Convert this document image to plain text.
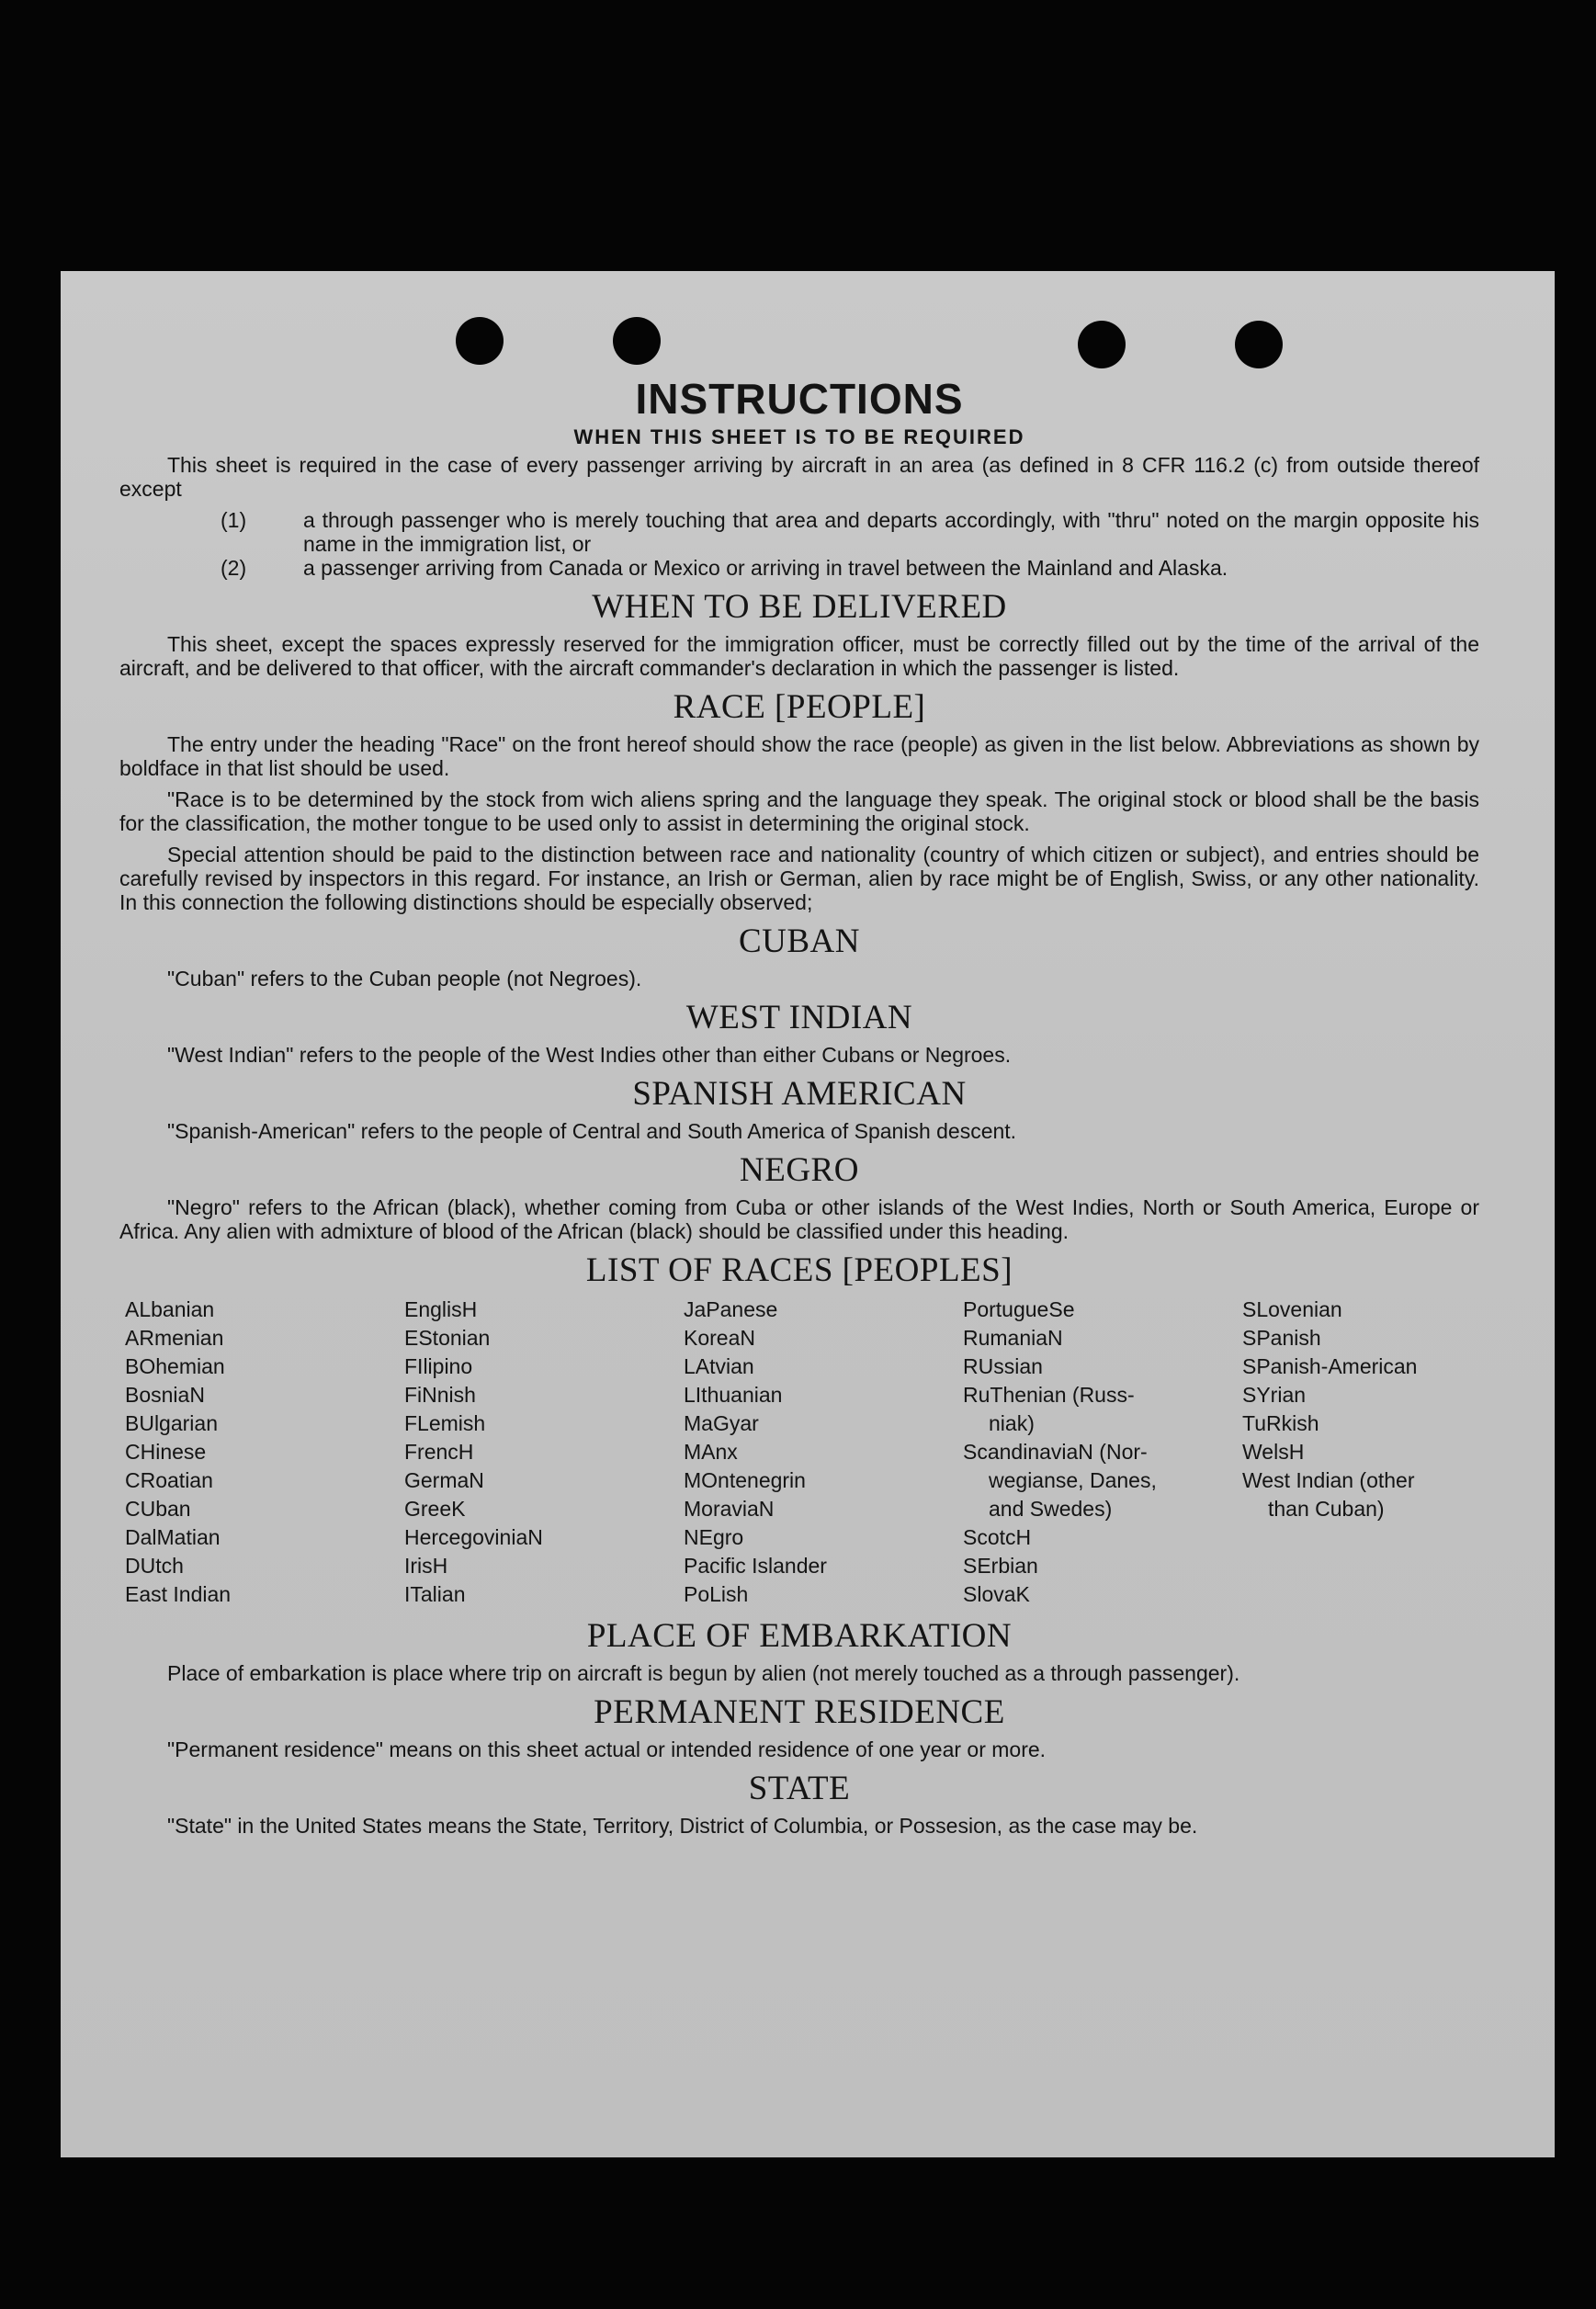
INSTRUCTIONS
WHEN THIS SHEET IS TO BE REQUIRED

This sheet is required in the case of every passenger arriving by aircraft in an area (as defined in 8 CFR 116.2 (c) from outside thereof except

(1)	a through passenger who is merely touching that area and departs accordingly, with "thru" noted on the margin opposite his name in the immigration list, or
(2)	a passenger arriving from Canada or Mexico or arriving in travel between the Mainland and Alaska.
WHEN TO BE DELIVERED

This sheet, except the spaces expressly reserved for the immigration officer, must be correctly filled out by the time of the arrival of the aircraft, and be delivered to that officer, with the aircraft commander's declaration in which the passenger is listed.

RACE [PEOPLE]

The entry under the heading "Race" on the front hereof should show the race (people) as given in the list below. Abbreviations as shown by boldface in that list should be used.

"Race is to be determined by the stock from wich aliens spring and the language they speak. The original stock or blood shall be the basis for the classification, the mother tongue to be used only to assist in determining the original stock.

Special attention should be paid to the distinction between race and nationality (country of which citizen or subject), and entries should be carefully revised by inspectors in this regard. For instance, an Irish or German, alien by race might be of English, Swiss, or any other nationality. In this connection the following distinctions should be especially observed;

CUBAN

"Cuban" refers to the Cuban people (not Negroes).

WEST INDIAN

"West Indian" refers to the people of the West Indies other than either Cubans or Negroes.

SPANISH AMERICAN

"Spanish-American" refers to the people of Central and South America of Spanish descent.

NEGRO

"Negro" refers to the African (black), whether coming from Cuba or other islands of the West Indies, North or South America, Europe or Africa. Any alien with admixture of blood of the African (black) should be classified under this heading.

LIST OF RACES [PEOPLES]
ALbanian
ARmenian
BOhemian
BosniaN
BUlgarian
CHinese
CRoatian
CUban
DalMatian
DUtch
East Indian
EnglisH
EStonian
FIlipino
FiNnish
FLemish
FrencH
GermaN
GreeK
HercegoviniaN
IrisH
ITalian
JaPanese
KoreaN
LAtvian
LIthuanian
MaGyar
MAnx
MOntenegrin
MoraviaN
NEgro
Pacific Islander
PoLish
PortugueSe
RumaniaN
RUssian
RuThenian (Russ-
niak)
ScandinaviaN (Nor-
wegianse, Danes,
and Swedes)
ScotcH
SErbian
SlovaK
SLovenian
SPanish
SPanish-American
SYrian
TuRkish
WelsH
West Indian (other
than Cuban)
PLACE OF EMBARKATION

Place of embarkation is place where trip on aircraft is begun by alien (not merely touched as a through passenger).

PERMANENT RESIDENCE

"Permanent residence" means on this sheet actual or intended residence of one year or more.

STATE

"State" in the United States means the State, Territory, District of Columbia, or Possesion, as the case may be.
